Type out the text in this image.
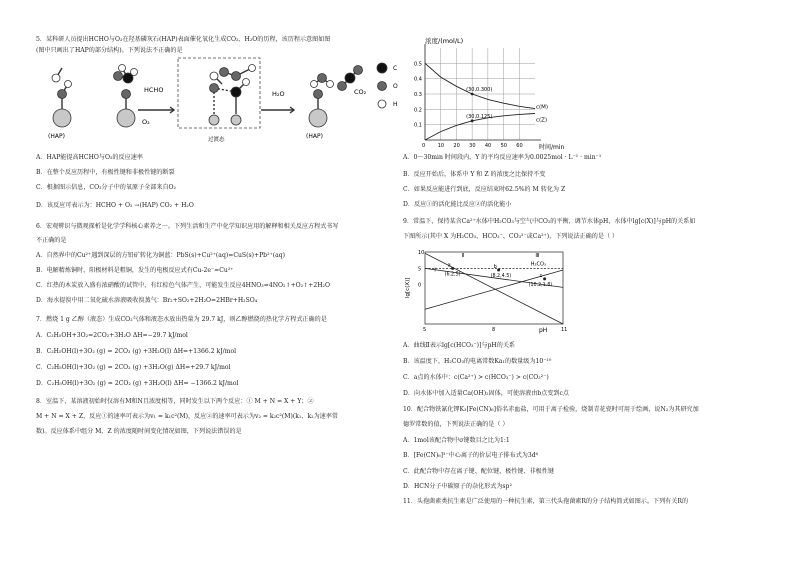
5．某科研人员提出HCHO与O₂在羟基磷灰石(HAP)表面催化氧化生成CO₂、H₂O的历程，该历程示意图如图
(图中只画出了HAP的部分结构)。下列说法不正确的是
HCHO
O₂
H₂O	CO₂
(HAP)	(HAP)
过渡态
C
O
H
A．HAP能提高HCHO与O₂的反应速率
B．在整个反应历程中，有极性键和非极性键的断裂
C．根据图示信息，CO₂分子中的氧原子全部来自O₂
D．该反应可表示为：HCHO + O₂ →(HAP) CO₂ + H₂O
6．宏观辨识与微观探析是化学学科核心素养之一。下列生活和生产中化学知识应用的解释和相关反应方程式书写
不正确的是
A．自然界中的Cu²⁺遇到深层的方铅矿转化为铜蓝：PbS(s)+Cu²⁺(aq)=CuS(s)+Pb²⁺(aq)
B．电解精炼铜时，阳极材料是粗铜，发生的电极反应式有Cu-2e⁻=Cu²⁺
C．红热的木炭放入盛有浓硝酸的试管中，有红棕色气体产生，可能发生反应4HNO₃=4NO₂↑+O₂↑+2H₂O
D．海水提溴中用二氧化硫水溶液吸收溴蒸气：Br₂+SO₂+2H₂O=2HBr+H₂SO₄
7．燃烧 1 g 乙醇（液态）生成CO₂气体和液态水放出热量为 29.7 kJ，则乙醇燃烧的热化学方程式正确的是
A．C₂H₅OH+3O₂=2CO₂+3H₂O ΔH=−29.7 kJ/mol
B．C₂H₅OH(l)+3O₂ (g) = 2CO₂ (g) +3H₂O(l) ΔH=+1366.2 kJ/mol
C．C₂H₅OH(l)+3O₂ (g) = 2CO₂ (g) +3H₂O(g) ΔH=+29.7 kJ/mol
D．C₂H₅OH(l)+3O₂ (g) = 2CO₂ (g) +3H₂O(l) ΔH= −1366.2 kJ/mol
8．室温下，某溶液初始时仅溶有M和N且浓度相等，同时发生以下两个反应：① M + N = X + Y；②
M + N = X + Z，反应①的速率可表示为v₁ = k₁c²(M)，反应②的速率可表示为v₂ = k₂c²(M)(k₁、k₂为速率常
数)。反应体系中组分 M、Z 的浓度随时间变化情况如图，下列说法错误的是
浓度/(mol/L)
时间/min
0	10 20 30 40 50 60
0.1
0.2
0.3
0.4
0.5
c(M)
c(Z)
(30,0.300)
(30,0.125)
A．0～30min 时间段内，Y 的平均反应速率为0.0025mol · L⁻¹ · min⁻¹
B．反应开始后，体系中 Y 和 Z 的浓度之比保持不变
C．如果反应能进行到底，反应结束时62.5%的 M 转化为 Z
D．反应①的活化能比反应②的活化能小
9．常温下，保持某含Ca²⁺水体中H₂CO₃与空气中CO₂的平衡，调节水体pH，水体中lg[c(X)]与pH的关系如
下图所示(其中 X 为H₂CO₃、HCO₃⁻、CO₃²⁻或Ca²⁺)，下列说法正确的是（ ）
lg[c(X)]
pH
5	8	11
10
5
0
Ⅰ
Ⅱ	Ⅲ
H₂CO₃
a
(6.2,5)
b
(8.2,4.5)	c
(10.2,1.8)
A．曲线Ⅱ表示lg[c(HCO₃⁻)]与pH的关系
B．该温度下，H₂CO₃的电离常数Ka₁的数量级为10⁻¹⁰
C．a点的水体中：c(Ca²⁺) > c(HCO₃⁻) > c(CO₃²⁻)
D．向水体中加入适量Ca(OH)₂固体，可使溶液由b点变到c点
10．配合物铁氰化钾K₃[Fe(CN)₆]俗名赤血盐，可用于离子检验，烧制青花瓷时可用于绘画，说N₂为其研究加
德罗常数的值，下列说法正确的是（ ）
A．1mol该配合物中σ键数目之比为1:1
B．[Fe(CN)₆]³⁻中心离子的价层电子排布式为3d⁶
C．此配合物中存在离子键、配位键、极性键、非极性键
D．HCN分子中碳原子的杂化形式为sp²
11．头孢菌素类抗生素是广泛使用的一种抗生素，第三代头孢菌素R的分子结构简式如图示。下列有关R的
